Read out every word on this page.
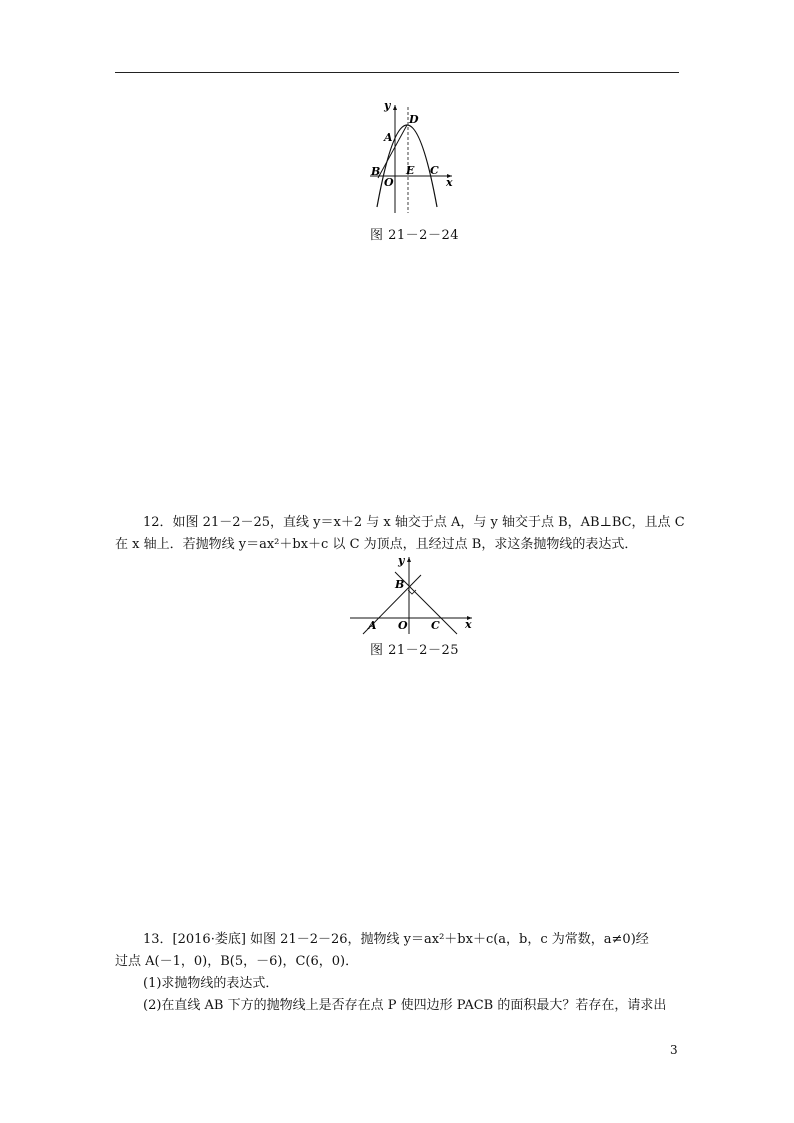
y
D
A
B E C
O	x
图 21－2－24
12．如图 21－2－25，直线 y＝x＋2 与 x 轴交于点 A，与 y 轴交于点 B，AB⊥BC，且点 C
在 x 轴上．若抛物线 y＝ax²＋bx＋c 以 C 为顶点，且经过点 B，求这条抛物线的表达式．
y
B
A O C x
图 21－2－25
13．[2016·娄底] 如图 21－2－26，抛物线 y＝ax²＋bx＋c(a，b，c 为常数，a≠0)经
过点 A(－1，0)，B(5，－6)，C(6，0)．
(1)求抛物线的表达式．
(2)在直线 AB 下方的抛物线上是否存在点 P 使四边形 PACB 的面积最大？若存在，请求出
3
